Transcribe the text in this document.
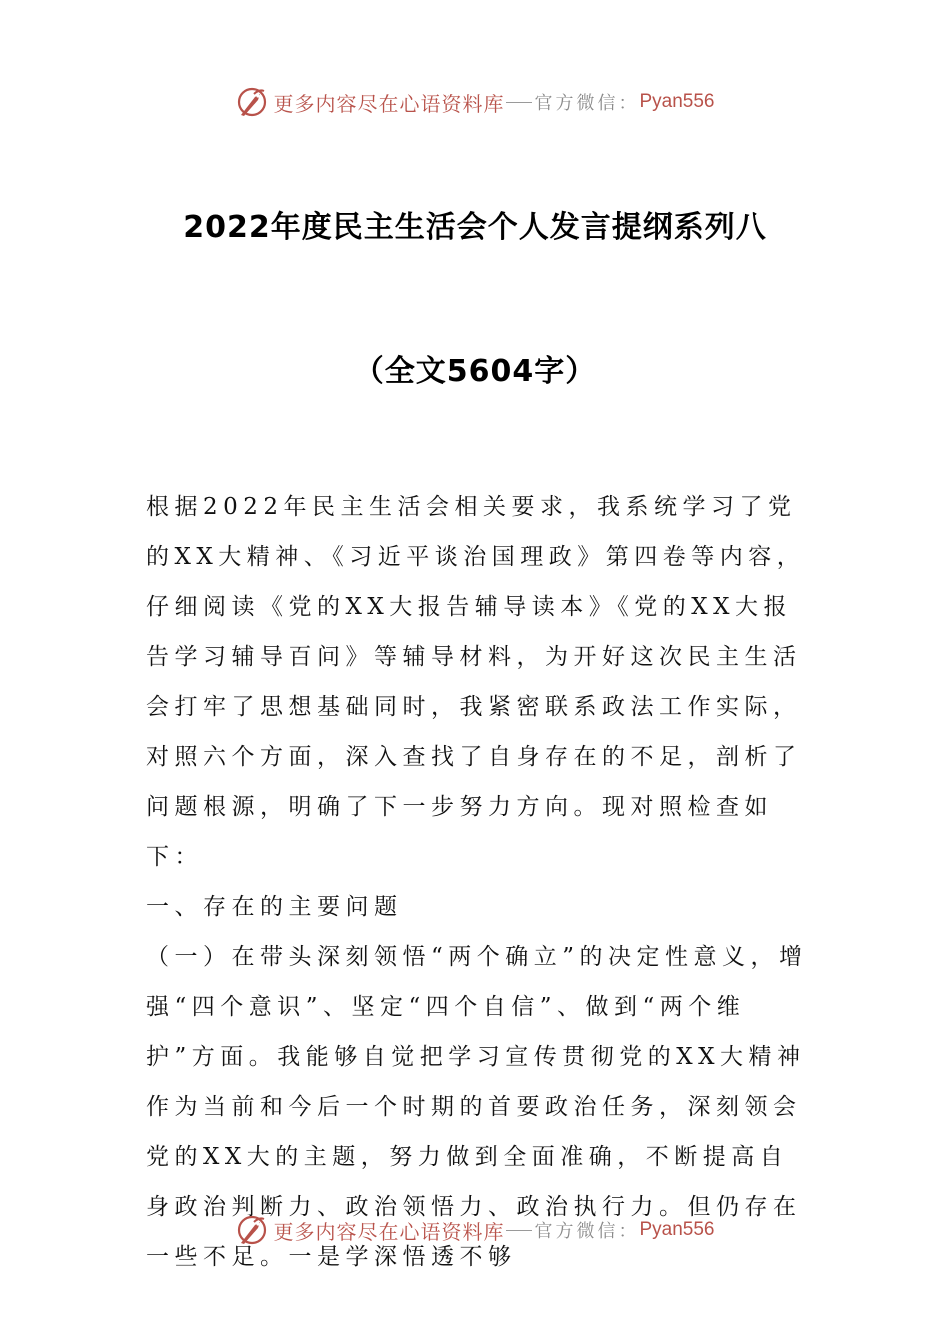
更多内容尽在心语资料库 官方微信： Pyan556
2022年度民主生活会个人发言提纲系列八
（全文5604字）

根据2022年民主生活会相关要求，我系统学习了党的XX大精神、《习近平谈治国理政》第四卷等内容，仔细阅读《党的XX大报告辅导读本》《党的XX大报告学习辅导百问》等辅导材料，为开好这次民主生活会打牢了思想基础同时，我紧密联系政法工作实际，对照六个方面，深入查找了自身存在的不足，剖析了问题根源，明确了下一步努力方向。现对照检查如下：

一、存在的主要问题

（一）在带头深刻领悟“两个确立”的决定性意义，增强“四个意识”、坚定“四个自信”、做到“两个维护”方面。我能够自觉把学习宣传贯彻党的XX大精神作为当前和今后一个时期的首要政治任务，深刻领会党的XX大的主题，努力做到全面准确，不断提高自身政治判断力、政治领悟力、政治执行力。但仍存在一些不足。一是学深悟透不够

更多内容尽在心语资料库 官方微信： Pyan556
